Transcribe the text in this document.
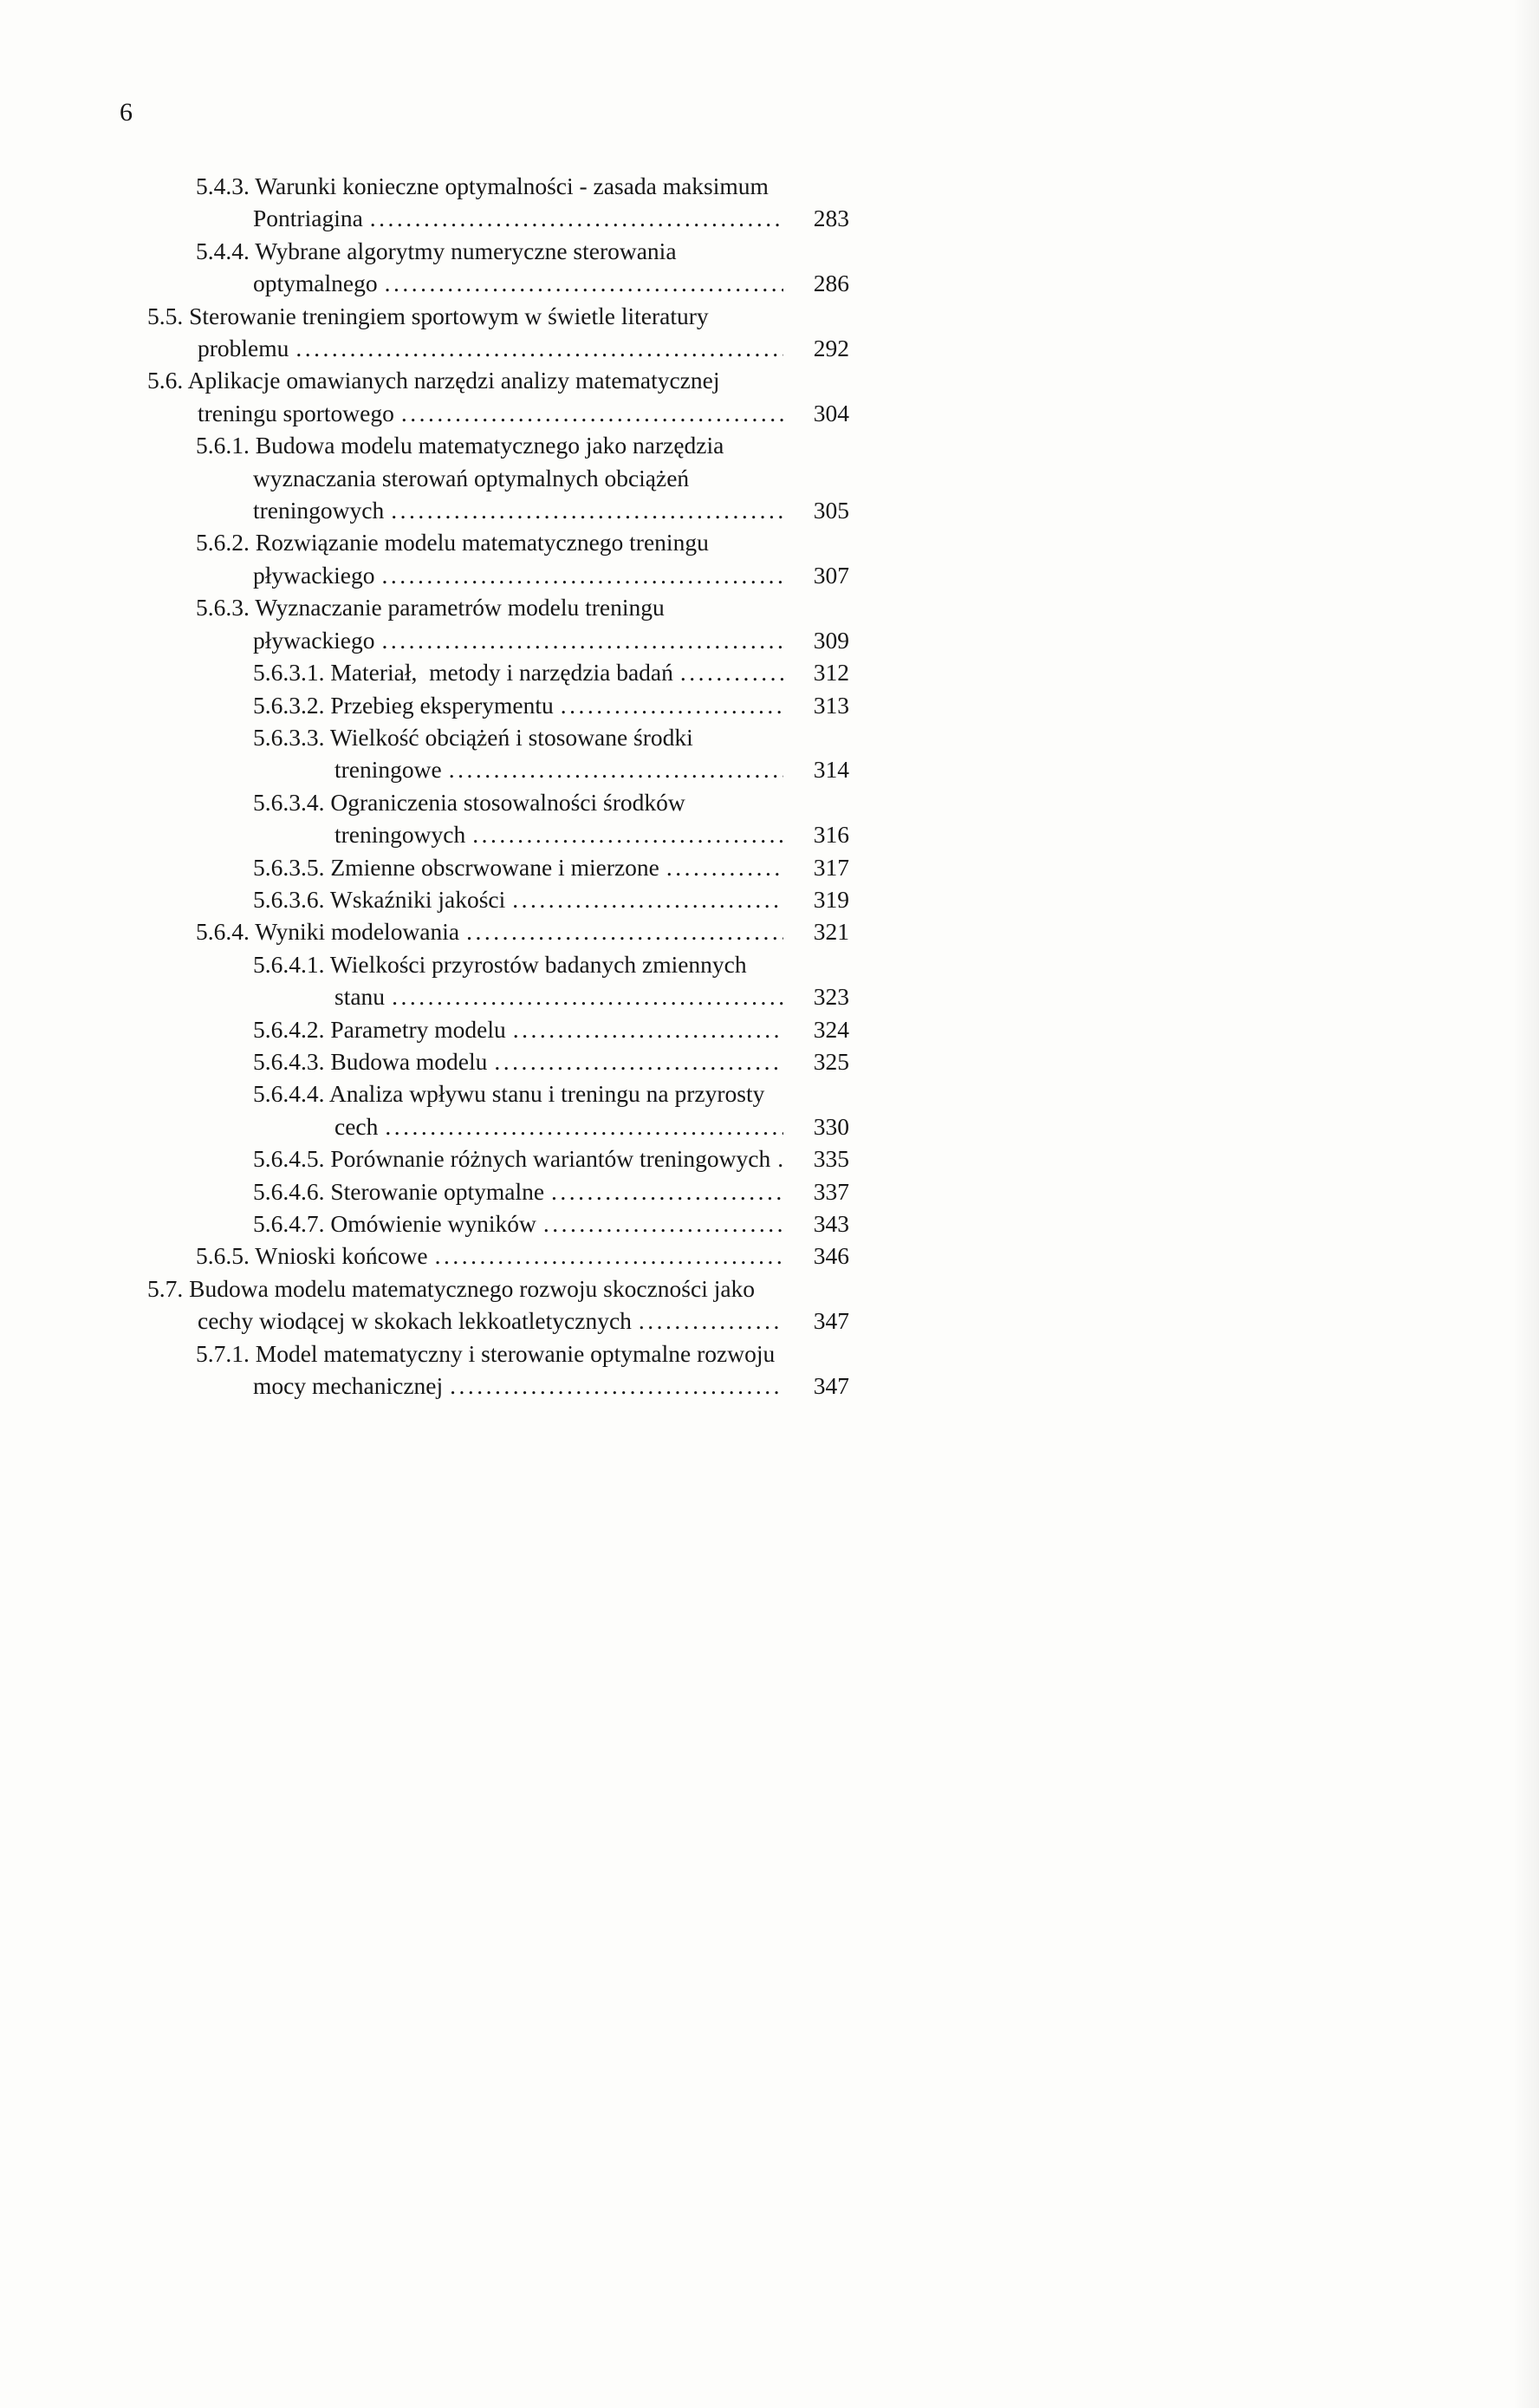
6
5.4.3. Warunki konieczne optymalności - zasada maksimum
Pontriagina .....	283
5.4.4. Wybrane algorytmy numeryczne sterowania
optymalnego .....	286
5.5. Sterowanie treningiem sportowym w świetle literatury
problemu .....	292
5.6. Aplikacje omawianych narzędzi analizy matematycznej
treningu sportowego .....	304
5.6.1. Budowa modelu matematycznego jako narzędzia
wyznaczania sterowań optymalnych obciążeń
treningowych .....	305
5.6.2. Rozwiązanie modelu matematycznego treningu
pływackiego .....	307
5.6.3. Wyznaczanie parametrów modelu treningu
pływackiego .....	309
5.6.3.1. Materiał,  metody i narzędzia badań .....	312
5.6.3.2. Przebieg eksperymentu .....	313
5.6.3.3. Wielkość obciążeń i stosowane środki
treningowe .....	314
5.6.3.4. Ograniczenia stosowalności środków
treningowych .....	316
5.6.3.5. Zmienne obscrwowane i mierzone .....	317
5.6.3.6. Wskaźniki jakości .....	319
5.6.4. Wyniki modelowania .....	321
5.6.4.1. Wielkości przyrostów badanych zmiennych
stanu .....	323
5.6.4.2. Parametry modelu .....	324
5.6.4.3. Budowa modelu .....	325
5.6.4.4. Analiza wpływu stanu i treningu na przyrosty
cech .....	330
5.6.4.5. Porównanie różnych wariantów treningowych .....	335
5.6.4.6. Sterowanie optymalne .....	337
5.6.4.7. Omówienie wyników .....	343
5.6.5. Wnioski końcowe .....	346
5.7. Budowa modelu matematycznego rozwoju skoczności jako
cechy wiodącej w skokach lekkoatletycznych .....	347
5.7.1. Model matematyczny i sterowanie optymalne rozwoju
mocy mechanicznej .....	347
